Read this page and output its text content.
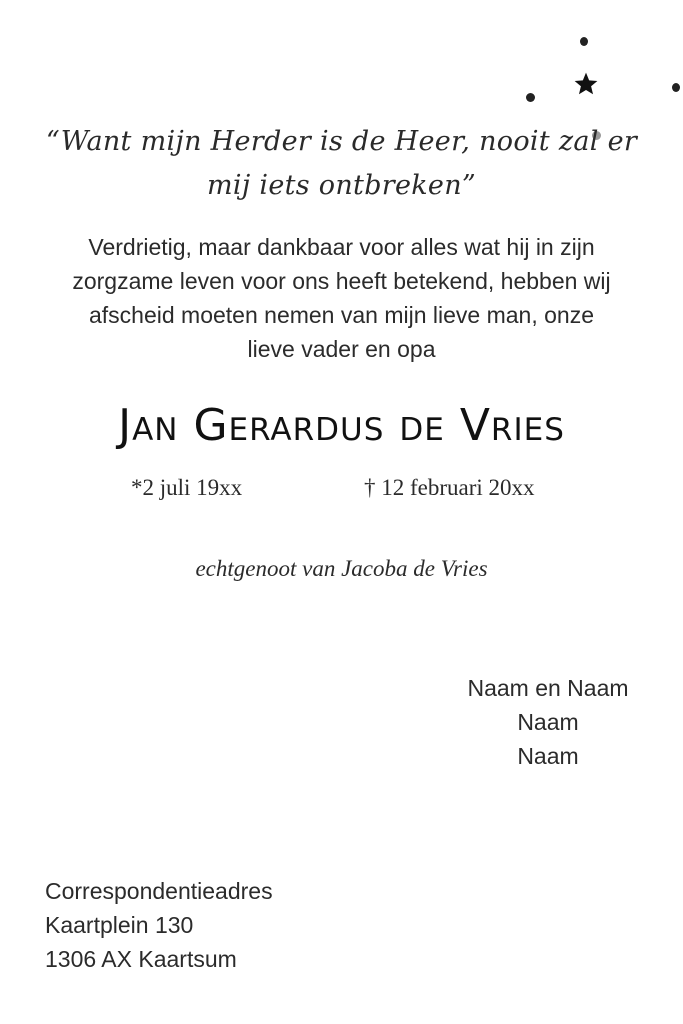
“Want mijn Herder is de Heer, nooit zal er
mij iets ontbreken”
Verdrietig, maar dankbaar voor alles wat hij in zijn
zorgzame leven voor ons heeft betekend, hebben wij
afscheid moeten nemen van mijn lieve man, onze
lieve vader en opa
Jan Gerardus de Vries
*2 juli 19xx	† 12 februari 20xx
echtgenoot van Jacoba de Vries
Naam en Naam
Naam
Naam
Correspondentieadres
Kaartplein 130
1306 AX Kaartsum
